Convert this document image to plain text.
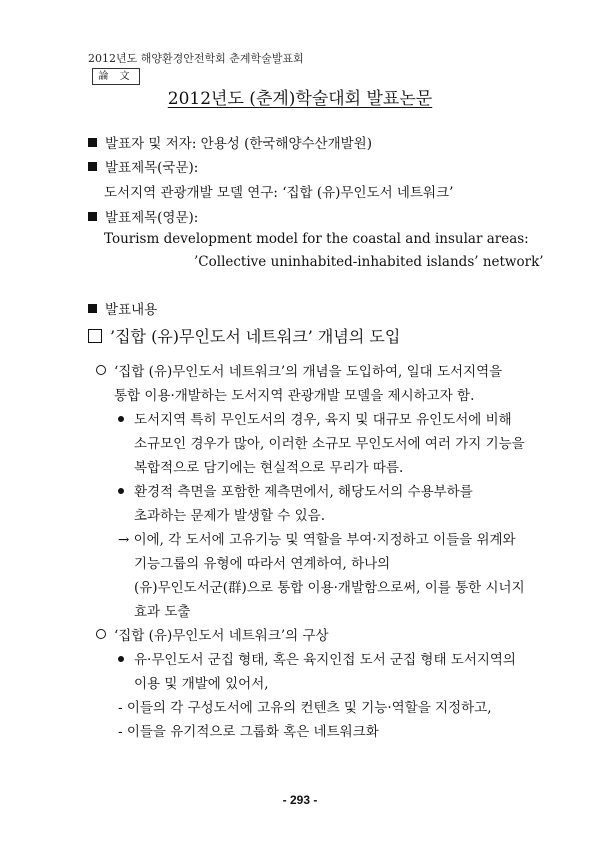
2012년도 해양환경안전학회 춘계학술발표회
論 文
2012년도 (춘계)학술대회 발표논문
발표자 및 저자: 안용성 (한국해양수산개발원)
발표제목(국문):
도서지역 관광개발 모델 연구: ‘집합 (유)무인도서 네트워크’
발표제목(영문):
Tourism development model for the coastal and insular areas:
’Collective uninhabited-inhabited islands’ network’
발표내용
’집합 (유)무인도서 네트워크’ 개념의 도입
‘집합 (유)무인도서 네트워크’의 개념을 도입하여, 일대 도서지역을
통합 이용·개발하는 도서지역 관광개발 모델을 제시하고자 함.
도서지역 특히 무인도서의 경우, 육지 및 대규모 유인도서에 비해
소규모인 경우가 많아, 이러한 소규모 무인도서에 여러 가지 기능을
복합적으로 담기에는 현실적으로 무리가 따름.
환경적 측면을 포함한 제측면에서, 해당도서의 수용부하를
초과하는 문제가 발생할 수 있음.
→ 이에, 각 도서에 고유기능 및 역할을 부여·지정하고 이들을 위계와
기능그룹의 유형에 따라서 연계하여, 하나의
(유)무인도서군(群)으로 통합 이용·개발함으로써, 이를 통한 시너지
효과 도출
‘집합 (유)무인도서 네트워크’의 구상
유·무인도서 군집 형태, 혹은 육지인접 도서 군집 형태 도서지역의
이용 및 개발에 있어서,
- 이들의 각 구성도서에 고유의 컨텐츠 및 기능·역할을 지정하고,
- 이들을 유기적으로 그룹화 혹은 네트워크화
- 293 -
